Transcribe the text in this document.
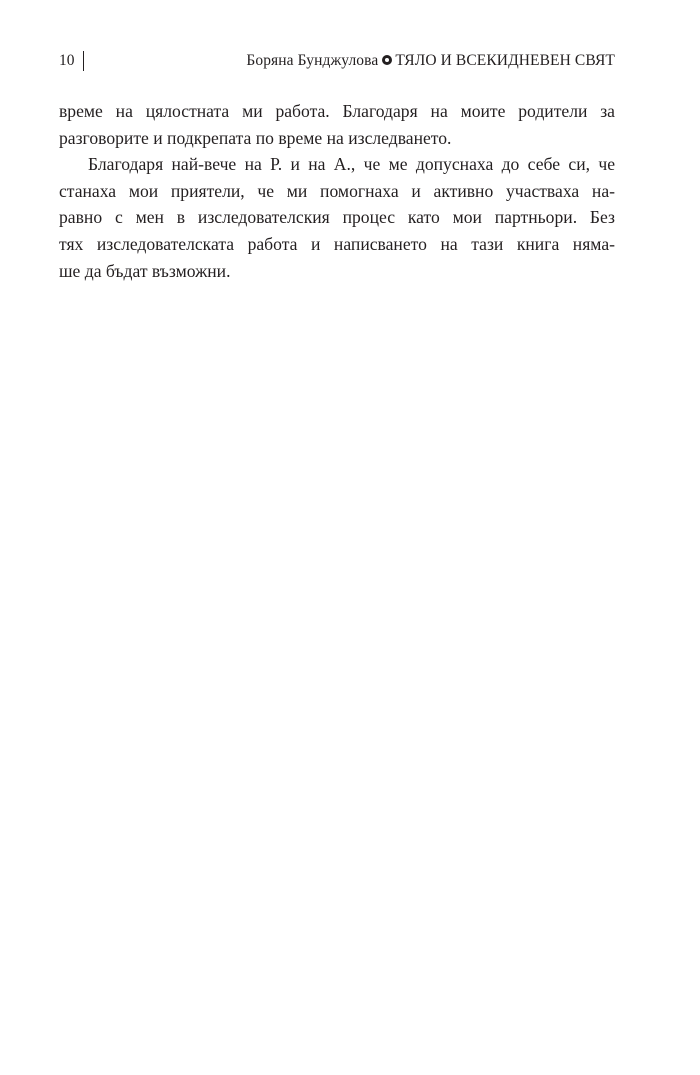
10	Боряна Бунджулова ТЯЛО И ВСЕКИДНЕВЕН СВЯТ
време на цялостната ми работа. Благодаря на моите родители за
разговорите и подкрепата по време на изследването.
Благодаря най-вече на Р. и на А., че ме допуснаха до себе си, че
станаха мои приятели, че ми помогнаха и активно участваха на-
равно с мен в изследователския процес като мои партньори. Без
тях изследователската работа и написването на тази книга няма-
ше да бъдат възможни.
